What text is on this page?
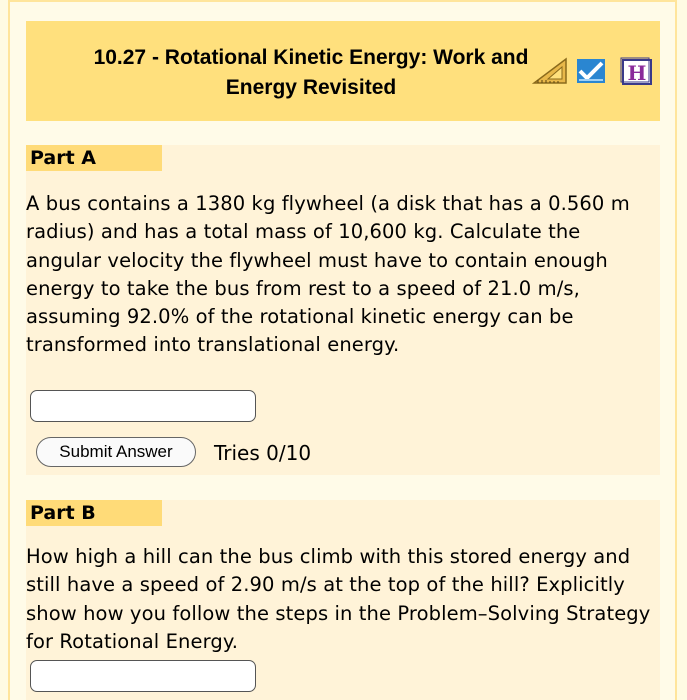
10.27 - Rotational Kinetic Energy: Work and Energy Revisited
H
Part A
A bus contains a 1380 kg flywheel (a disk that has a 0.560 m radius) and has a total mass of 10,600 kg. Calculate the angular velocity the flywheel must have to contain enough energy to take the bus from rest to a speed of 21.0 m/s, assuming 92.0% of the rotational kinetic energy can be transformed into translational energy.
Submit Answer	Tries 0/10
Part B
How high a hill can the bus climb with this stored energy and still have a speed of 2.90 m/s at the top of the hill? Explicitly show how you follow the steps in the Problem–Solving Strategy for Rotational Energy.
